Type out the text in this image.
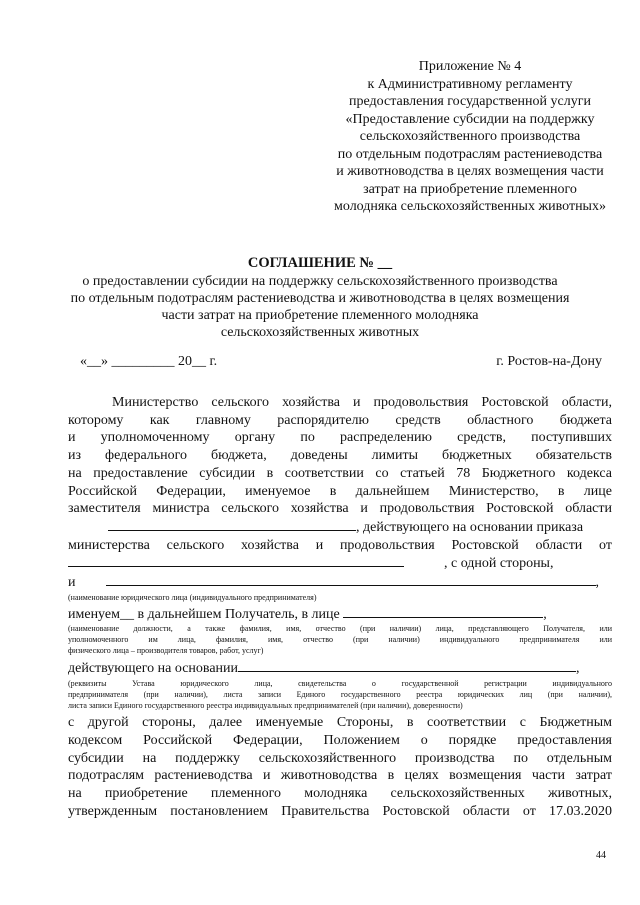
Приложение № 4
к Административному регламенту
предоставления государственной услуги
«Предоставление субсидии на поддержку
сельскохозяйственного производства
по отдельным подотраслям растениеводства
и животноводства в целях возмещения части
затрат на приобретение племенного
молодняка сельскохозяйственных животных»
СОГЛАШЕНИЕ № __
о предоставлении субсидии на поддержку сельскохозяйственного производства
по отдельным подотраслям растениеводства и животноводства в целях возмещения
части затрат на приобретение племенного молодняка
сельскохозяйственных животных
«__» _________ 20__ г.	г. Ростов-на-Дону
Министерство сельского хозяйства и продовольствия Ростовской области,
которому как главному распорядителю средств областного бюджета
и уполномоченному органу по распределению средств, поступивших
из федерального бюджета, доведены лимиты бюджетных обязательств
на предоставление субсидии в соответствии со статьей 78 Бюджетного кодекса
Российской Федерации, именуемое в дальнейшем Министерство, в лице
заместителя министра сельского хозяйства и продовольствия Ростовской области
, действующего на основании приказа
министерства сельского хозяйства и продовольствия Ростовской области от
, с одной стороны,
и	,
(наименование юридического лица (индивидуального предпринимателя)
именуем__ в дальнейшем Получатель, в лице	,
(наименование должности, а также фамилия, имя, отчество (при наличии) лица, представляющего Получателя, или
уполномоченного им лица, фамилия, имя, отчество (при наличии) индивидуального предпринимателя или
физического лица – производителя товаров, работ, услуг)
действующего на основании	,
(реквизиты Устава юридического лица, свидетельства о государственной регистрации индивидуального
предпринимателя (при наличии), листа записи Единого государственного реестра юридических лиц (при наличии),
листа записи Единого государственного реестра индивидуальных предпринимателей (при наличии), доверенности)
с другой стороны, далее именуемые Стороны, в соответствии с Бюджетным
кодексом Российской Федерации, Положением о порядке предоставления
субсидии на поддержку сельскохозяйственного производства по отдельным
подотраслям растениеводства и животноводства в целях возмещения части затрат
на приобретение племенного молодняка сельскохозяйственных животных,
утвержденным постановлением Правительства Ростовской области от 17.03.2020
44
